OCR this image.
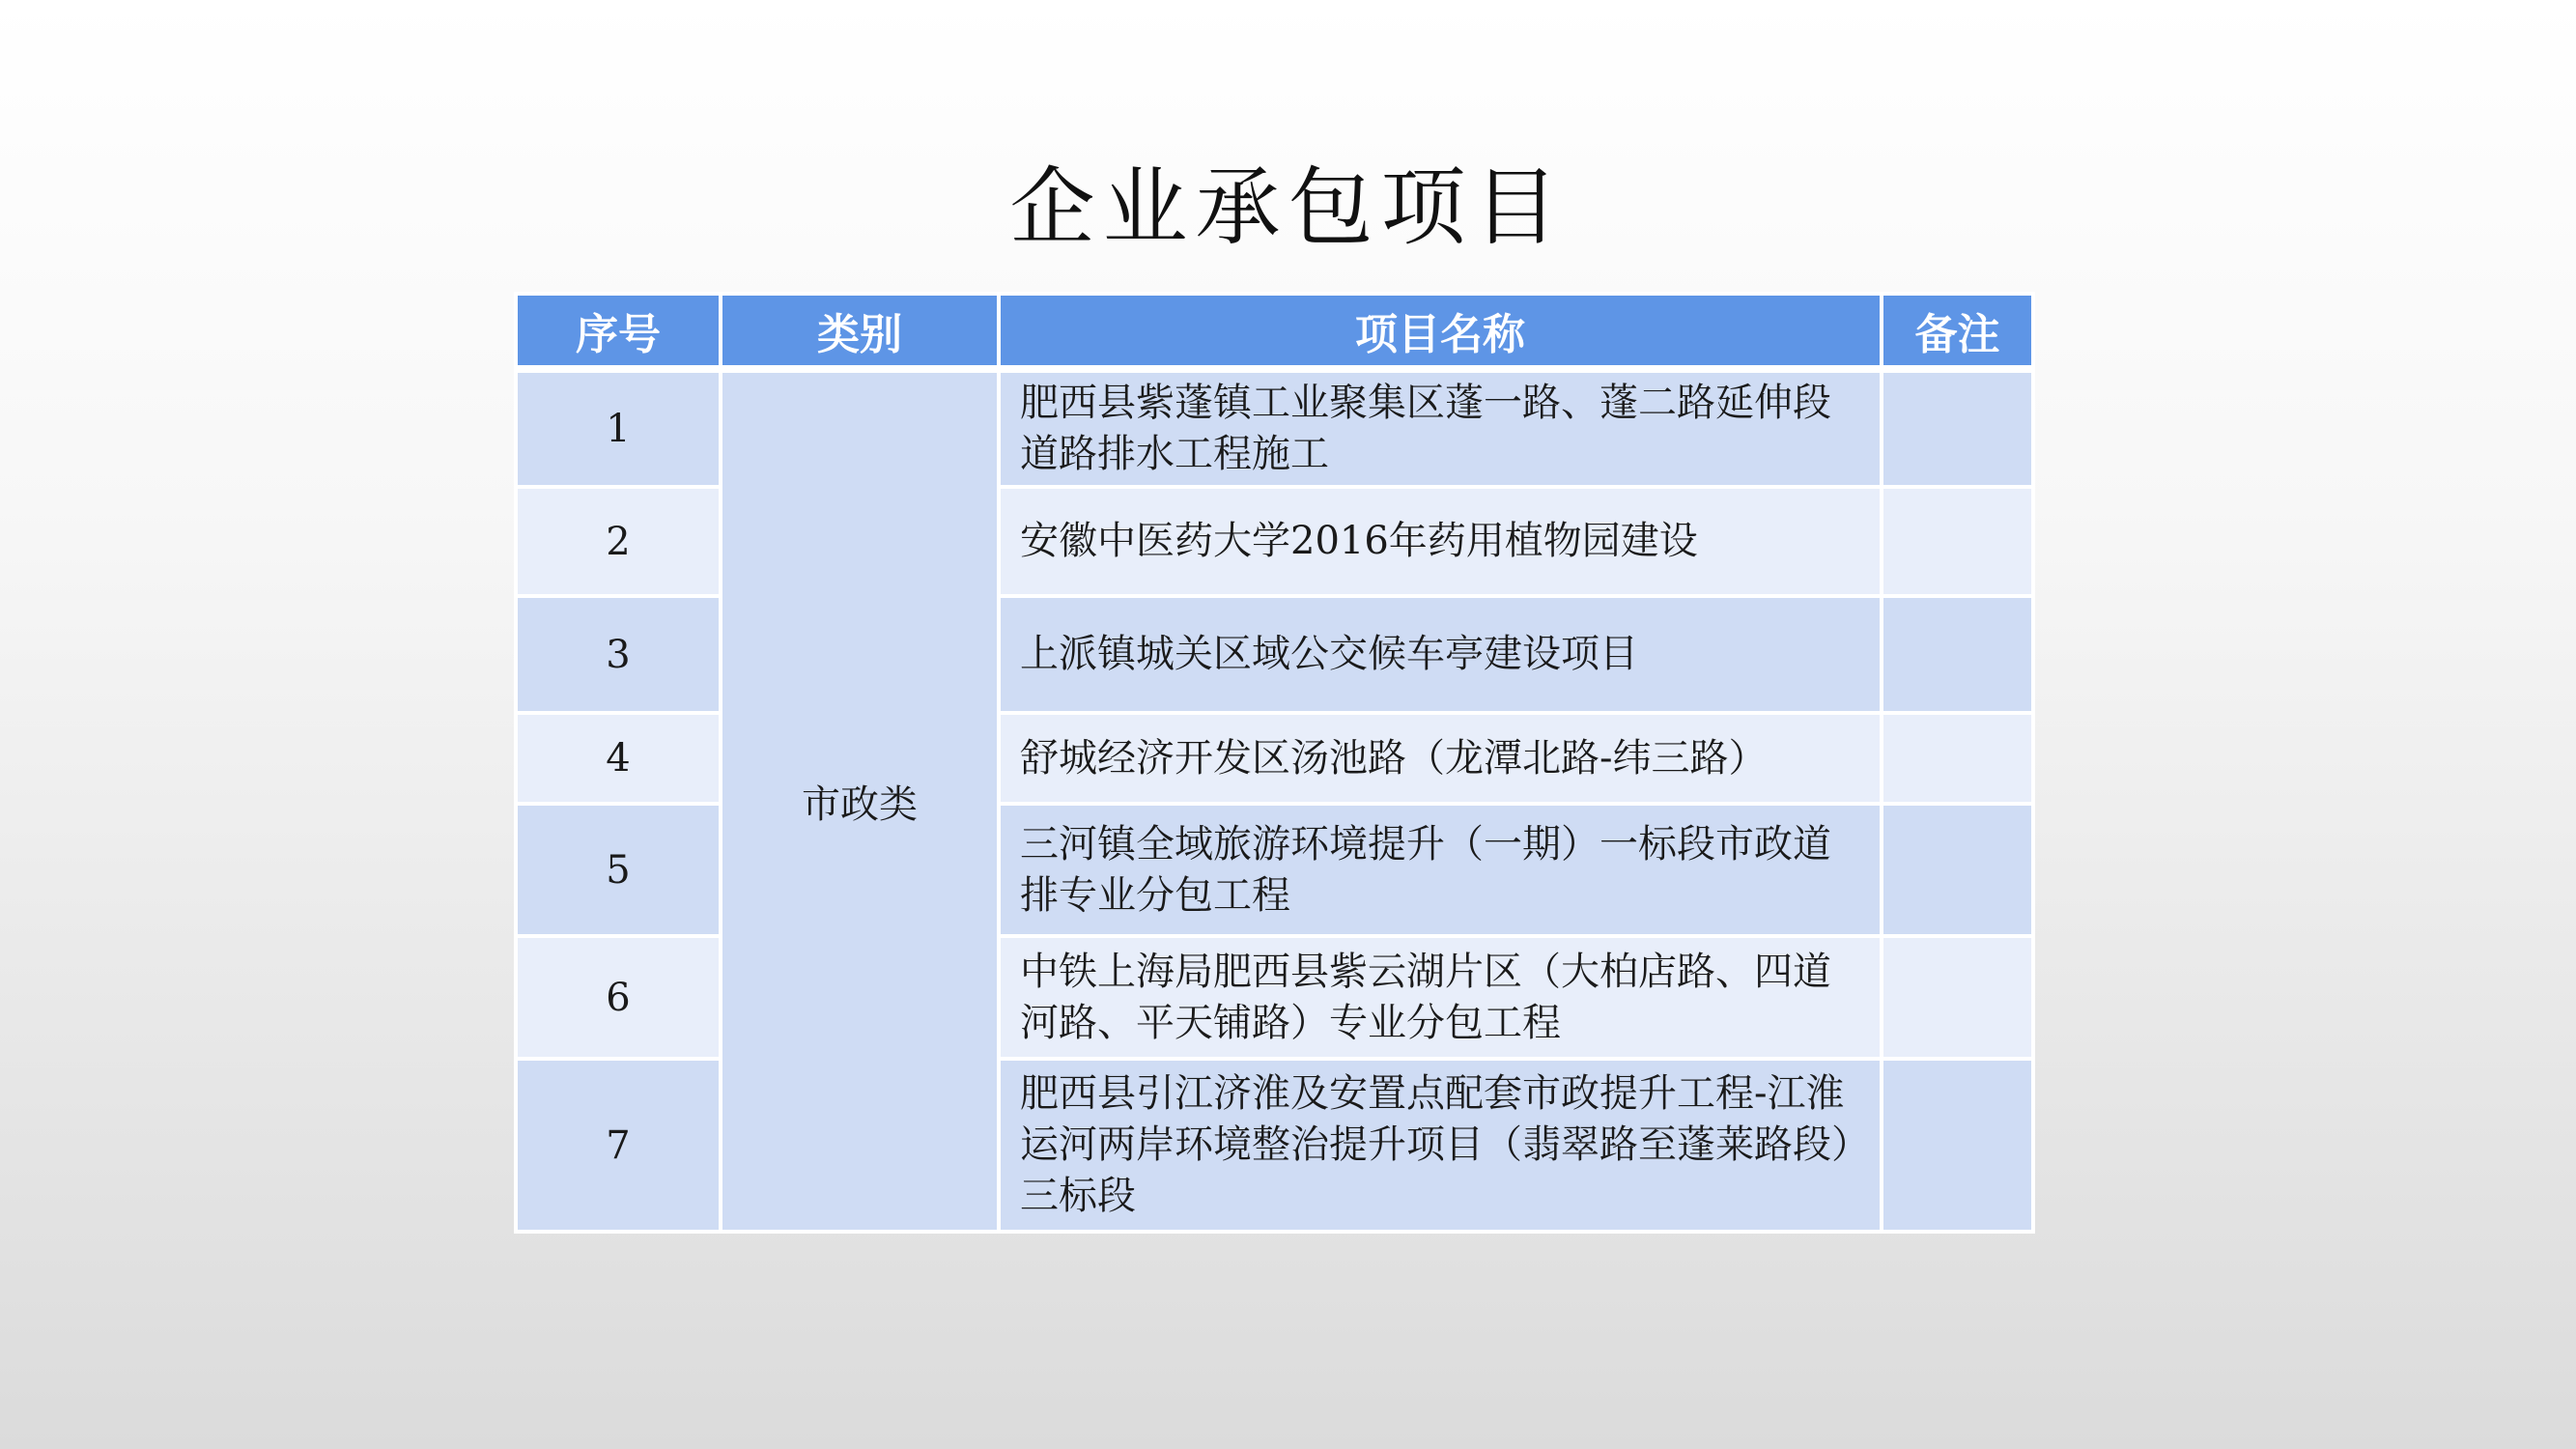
企业承包项目
序号	类别	项目名称	备注
1	市政类	肥西县紫蓬镇工业聚集区蓬一路、蓬二路延伸段道路排水工程施工	
2		安徽中医药大学2016年药用植物园建设	
3		上派镇城关区域公交候车亭建设项目	
4		舒城经济开发区汤池路（龙潭北路-纬三路）	
5		三河镇全域旅游环境提升（一期）一标段市政道排专业分包工程	
6		中铁上海局肥西县紫云湖片区（大柏店路、四道河路、平天铺路）专业分包工程	
7		肥西县引江济淮及安置点配套市政提升工程-江淮运河两岸环境整治提升项目（翡翠路至蓬莱路段）三标段	
